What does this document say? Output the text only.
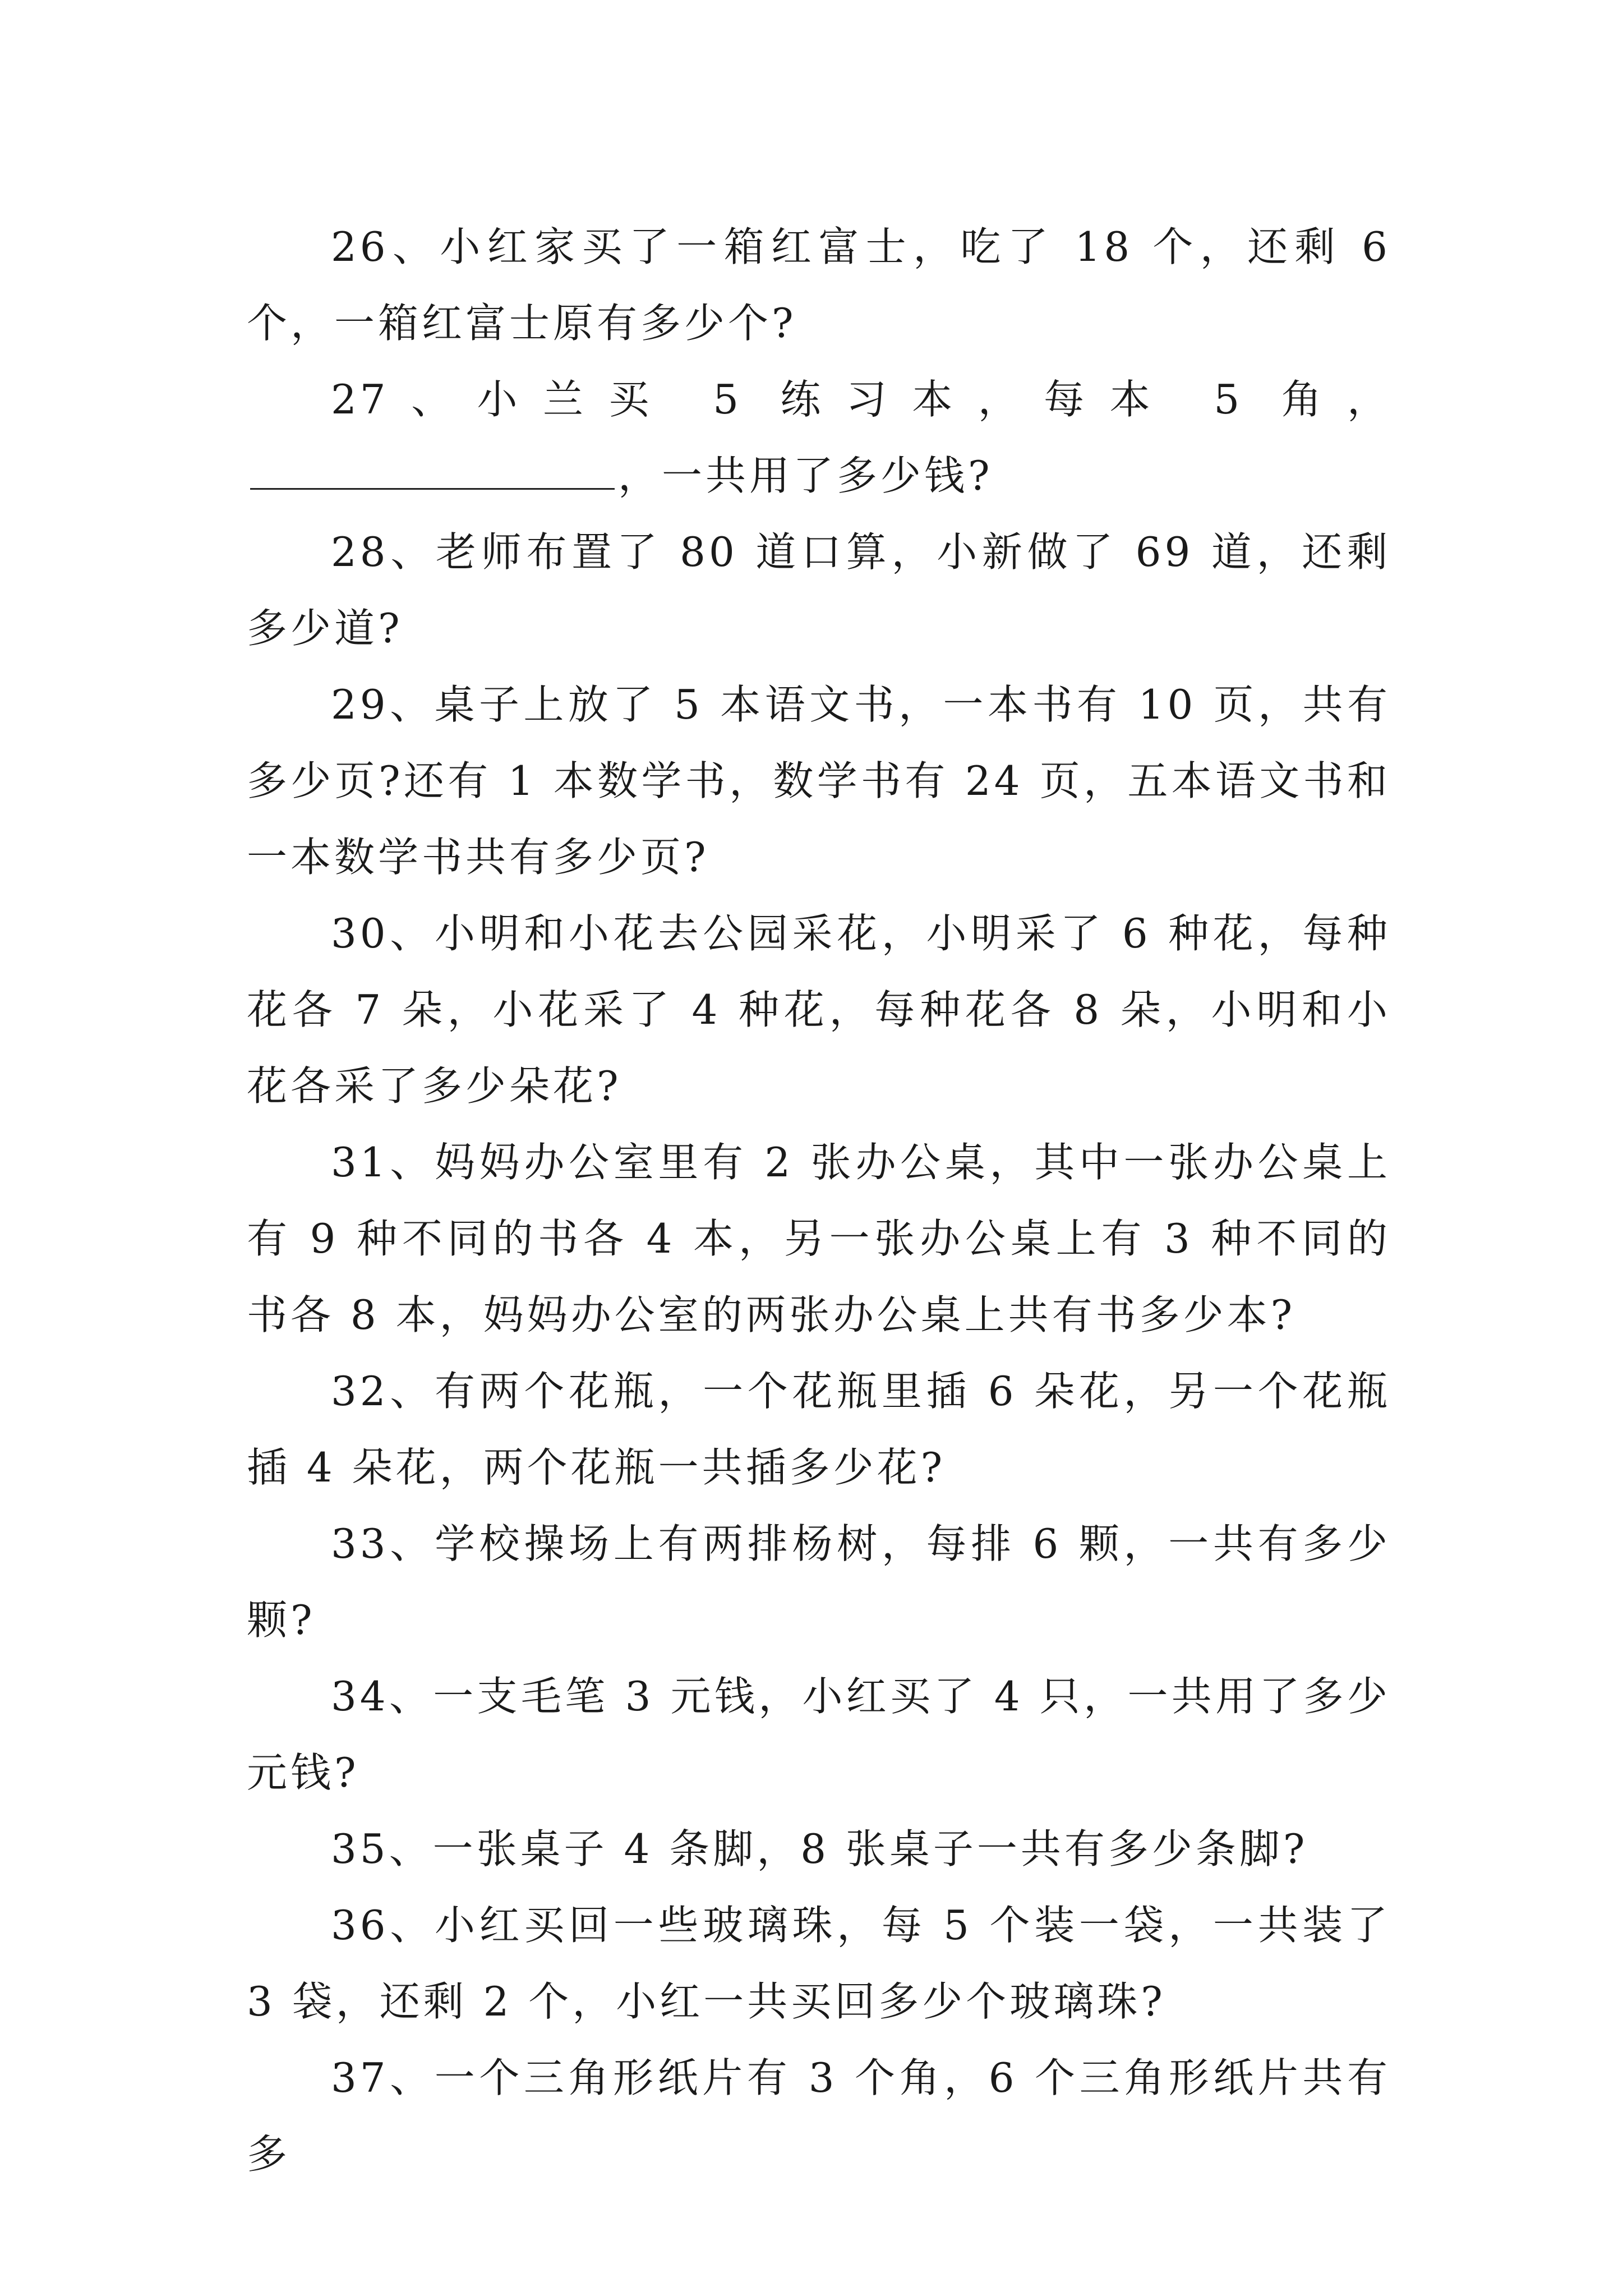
26、小红家买了一箱红富士，吃了 18 个，还剩 6 个，一箱红富士原有多少个?

27、小兰买 5 练习本，每本 5 角，，一共用了多少钱?

28、老师布置了 80 道口算，小新做了 69 道，还剩多少道?

29、桌子上放了 5 本语文书，一本书有 10 页，共有多少页?还有 1 本数学书，数学书有 24 页，五本语文书和一本数学书共有多少页?

30、小明和小花去公园采花，小明采了 6 种花，每种花各 7 朵，小花采了 4 种花，每种花各 8 朵，小明和小花各采了多少朵花?

31、妈妈办公室里有 2 张办公桌，其中一张办公桌上有 9 种不同的书各 4 本，另一张办公桌上有 3 种不同的书各 8 本，妈妈办公室的两张办公桌上共有书多少本?

32、有两个花瓶，一个花瓶里插 6 朵花，另一个花瓶插 4 朵花，两个花瓶一共插多少花?

33、学校操场上有两排杨树，每排 6 颗，一共有多少颗?

34、一支毛笔 3 元钱，小红买了 4 只，一共用了多少元钱?

35、一张桌子 4 条脚，8 张桌子一共有多少条脚?

36、小红买回一些玻璃珠，每 5 个装一袋，一共装了 3 袋，还剩 2 个，小红一共买回多少个玻璃珠?

37、一个三角形纸片有 3 个角，6 个三角形纸片共有多
